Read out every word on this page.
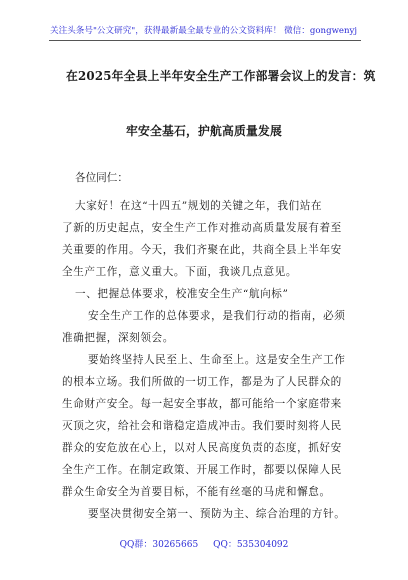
关注头条号"公文研究"，获得最新最全最专业的公文资料库！ 微信：gongwenyj
在2025年全县上半年安全生产工作部署会议上的发言：筑
牢安全基石，护航高质量发展
各位同仁：
大家好！在这“十四五”规划的关键之年，我们站在
了新的历史起点，安全生产工作对推动高质量发展有着至
关重要的作用。今天，我们齐聚在此，共商全县上半年安
全生产工作，意义重大。下面，我谈几点意见。
一、把握总体要求，校准安全生产“航向标”
安全生产工作的总体要求，是我们行动的指南，必须
准确把握，深刻领会。
要始终坚持人民至上、生命至上。这是安全生产工作
的根本立场。我们所做的一切工作，都是为了人民群众的
生命财产安全。每一起安全事故，都可能给一个家庭带来
灭顶之灾，给社会和谐稳定造成冲击。我们要时刻将人民
群众的安危放在心上，以对人民高度负责的态度，抓好安
全生产工作。在制定政策、开展工作时，都要以保障人民
群众生命安全为首要目标，不能有丝毫的马虎和懈怠。
要坚决贯彻安全第一、预防为主、综合治理的方针。
QQ群：30265665 QQ：535304092
